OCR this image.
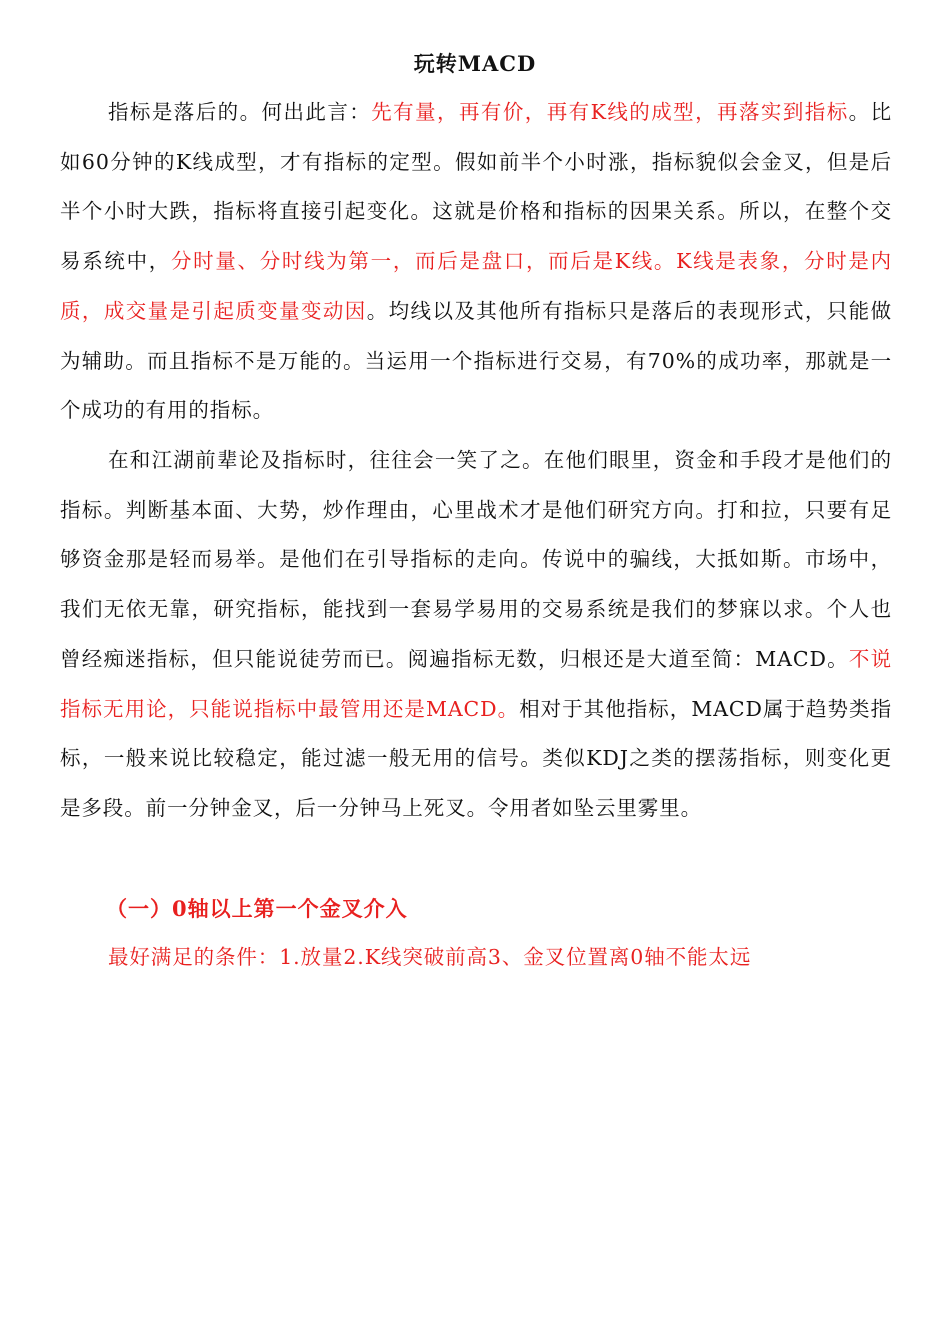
玩转MACD

指标是落后的。何出此言：先有量，再有价，再有K线的成型，再落实到指标。比如60分钟的K线成型，才有指标的定型。假如前半个小时涨，指标貌似会金叉，但是后半个小时大跌，指标将直接引起变化。这就是价格和指标的因果关系。所以，在整个交易系统中，分时量、分时线为第一，而后是盘口，而后是K线。K线是表象，分时是内质，成交量是引起质变量变动因。均线以及其他所有指标只是落后的表现形式，只能做为辅助。而且指标不是万能的。当运用一个指标进行交易，有70%的成功率，那就是一个成功的有用的指标。

在和江湖前辈论及指标时，往往会一笑了之。在他们眼里，资金和手段才是他们的指标。判断基本面、大势，炒作理由，心里战术才是他们研究方向。打和拉，只要有足够资金那是轻而易举。是他们在引导指标的走向。传说中的骗线，大抵如斯。市场中，我们无依无靠，研究指标，能找到一套易学易用的交易系统是我们的梦寐以求。个人也曾经痴迷指标，但只能说徒劳而已。阅遍指标无数，归根还是大道至简：MACD。不说指标无用论，只能说指标中最管用还是MACD。相对于其他指标，MACD属于趋势类指标，一般来说比较稳定，能过滤一般无用的信号。类似KDJ之类的摆荡指标，则变化更是多段。前一分钟金叉，后一分钟马上死叉。令用者如坠云里雾里。

（一）0轴以上第一个金叉介入
最好满足的条件：1.放量2.K线突破前高3、金叉位置离0轴不能太远
